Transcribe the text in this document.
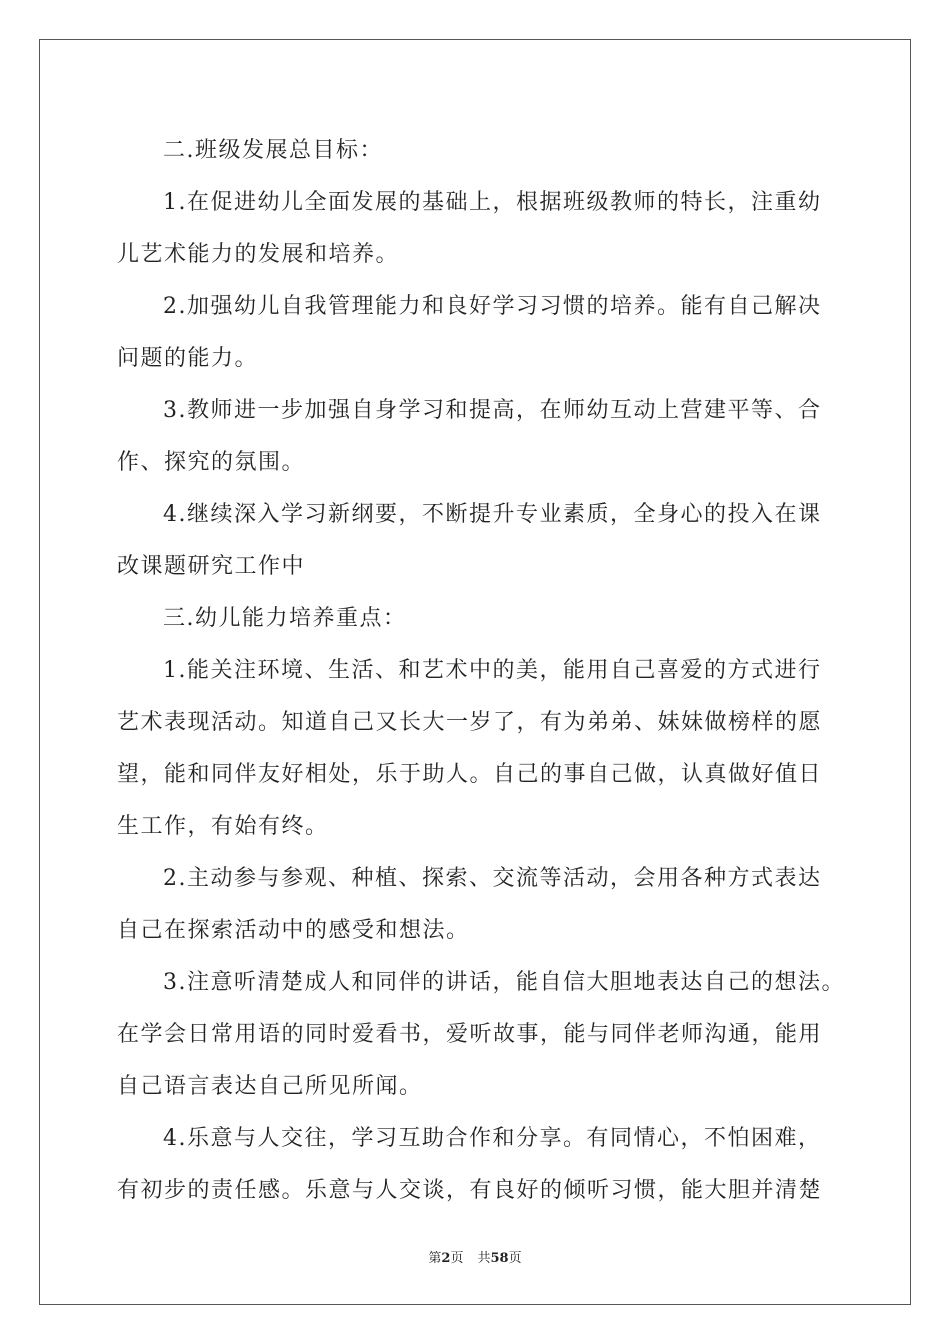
二.班级发展总目标：
1.在促进幼儿全面发展的基础上，根据班级教师的特长，注重幼
儿艺术能力的发展和培养。
2.加强幼儿自我管理能力和良好学习习惯的培养。能有自己解决
问题的能力。
3.教师进一步加强自身学习和提高，在师幼互动上营建平等、合
作、探究的氛围。
4.继续深入学习新纲要，不断提升专业素质，全身心的投入在课
改课题研究工作中
三.幼儿能力培养重点：
1.能关注环境、生活、和艺术中的美，能用自己喜爱的方式进行
艺术表现活动。知道自己又长大一岁了，有为弟弟、妹妹做榜样的愿
望，能和同伴友好相处，乐于助人。自己的事自己做，认真做好值日
生工作，有始有终。
2.主动参与参观、种植、探索、交流等活动，会用各种方式表达
自己在探索活动中的感受和想法。
3.注意听清楚成人和同伴的讲话，能自信大胆地表达自己的想法。
在学会日常用语的同时爱看书，爱听故事，能与同伴老师沟通，能用
自己语言表达自己所见所闻。
4.乐意与人交往，学习互助合作和分享。有同情心，不怕困难，
有初步的责任感。乐意与人交谈，有良好的倾听习惯，能大胆并清楚
第2页 共58页
